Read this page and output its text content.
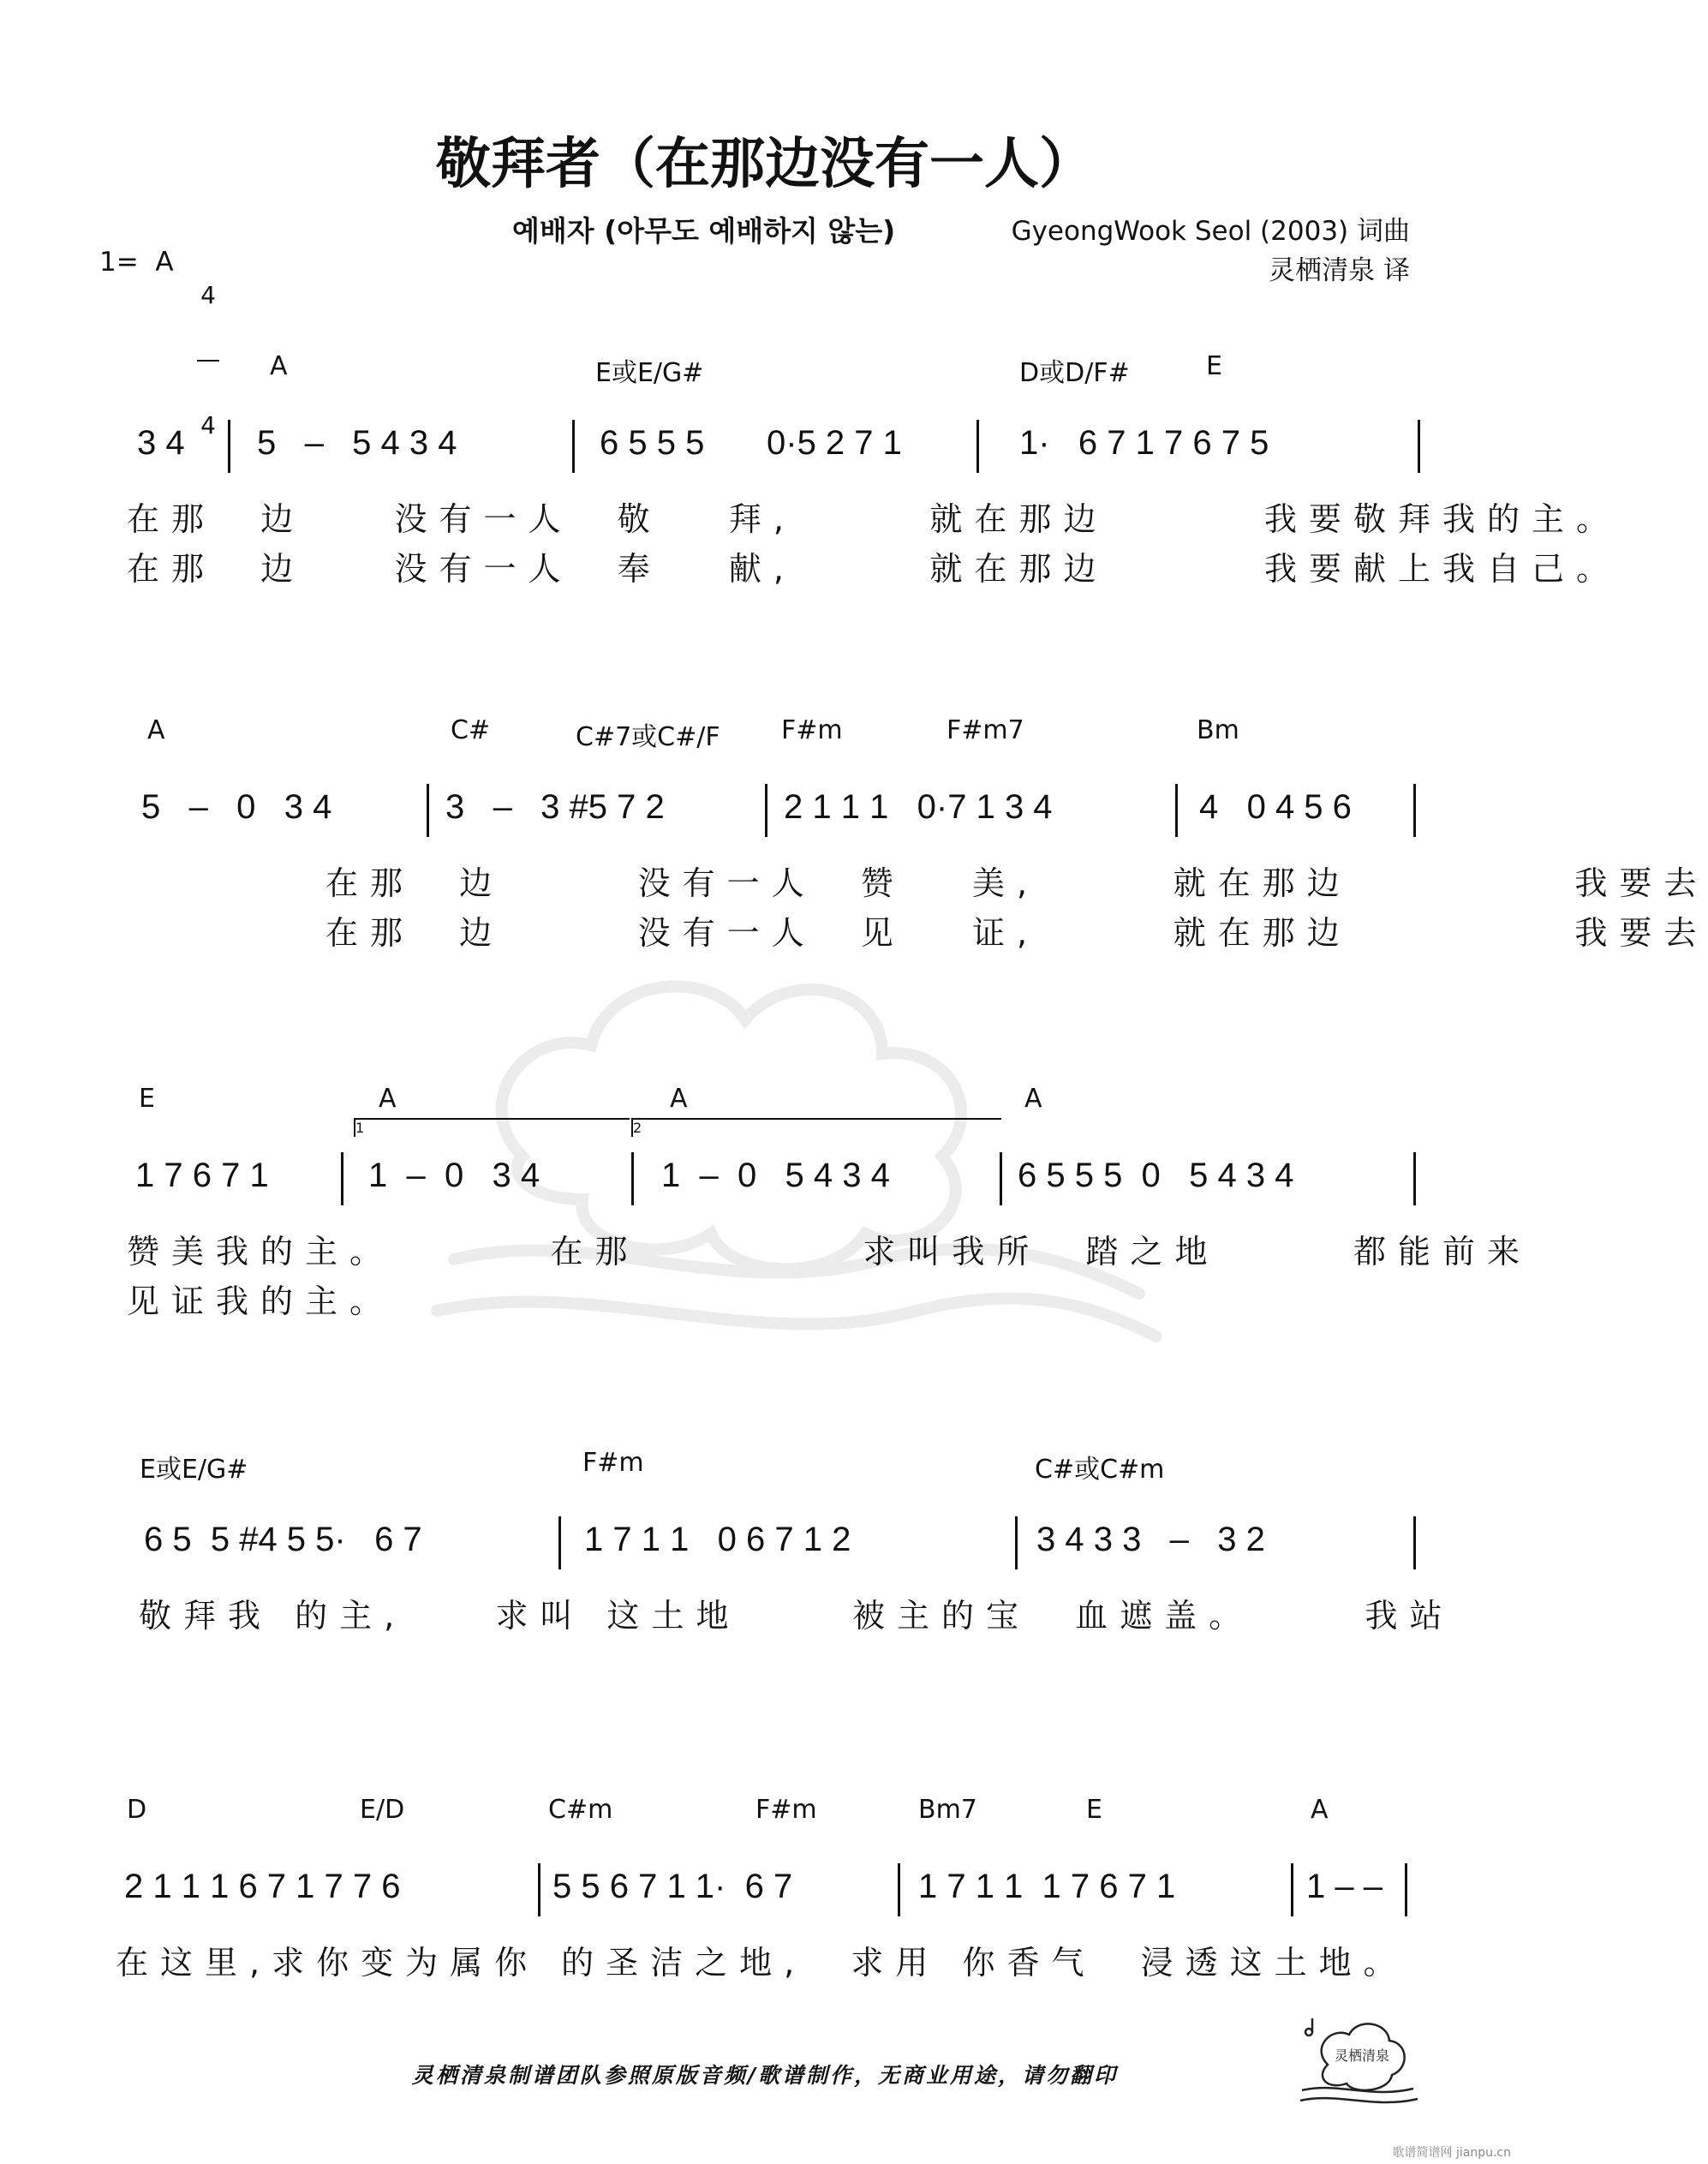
敬拜者（在那边没有一人）
예배자 (아무도 예배하지 않는)	GyeongWook Seol (2003) 词曲
灵栖清泉 译
1=  A

4

4

A	E或E/G#	D或D/F#	E
3 4 5   –   5 4 3 4	6 5 5 5 0·5 2 7 1	1·   6 7 1 7 6 7 5
在那  边    没有一人  敬   拜,      就在那边       我要敬拜我的主。
在那  边    没有一人  奉   献,      就在那边       我要献上我自己。
A	C#	C#7或C#/F F#m	F#m7	Bm
5   –   0   3 4	3   –   3 #5 7 2	2 1 1 1   0·7 1 3 4	4   0 4 5 6
在那  边      没有一人  赞   美,      就在那边          我要去
在那  边      没有一人  见   证,      就在那边          我要去
E	A	A	A
1 7 6 7 1	1  –  0   3 4	1  –  0   5 4 3 4	6 5 5 5  0   5 4 3 4
赞美我的主。       在那          求叫我所  踏之地      都能前来
见证我的主。
1	2
E或E/G#	F#m	C#或C#m
6 5  5 #4 5 5·   6 7	1 7 1 1   0 6 7 1 2	3 4 3 3   –   3 2
敬拜我 的主,    求叫 这土地     被主的宝  血遮盖。     我站
D	E/D	C#m	F#m	Bm7	E	A
2 1 1 1 6 7 1 7 7 6	5 5 6 7 1 1·  6 7	1 7 1 1  1 7 6 7 1	1 – –
在这里,求你变为属你 的圣洁之地,  求用 你香气  浸透这土地。
灵栖清泉
灵栖清泉制谱团队参照原版音频/歌谱制作，无商业用途，请勿翻印
歌谱简谱网 jianpu.cn
